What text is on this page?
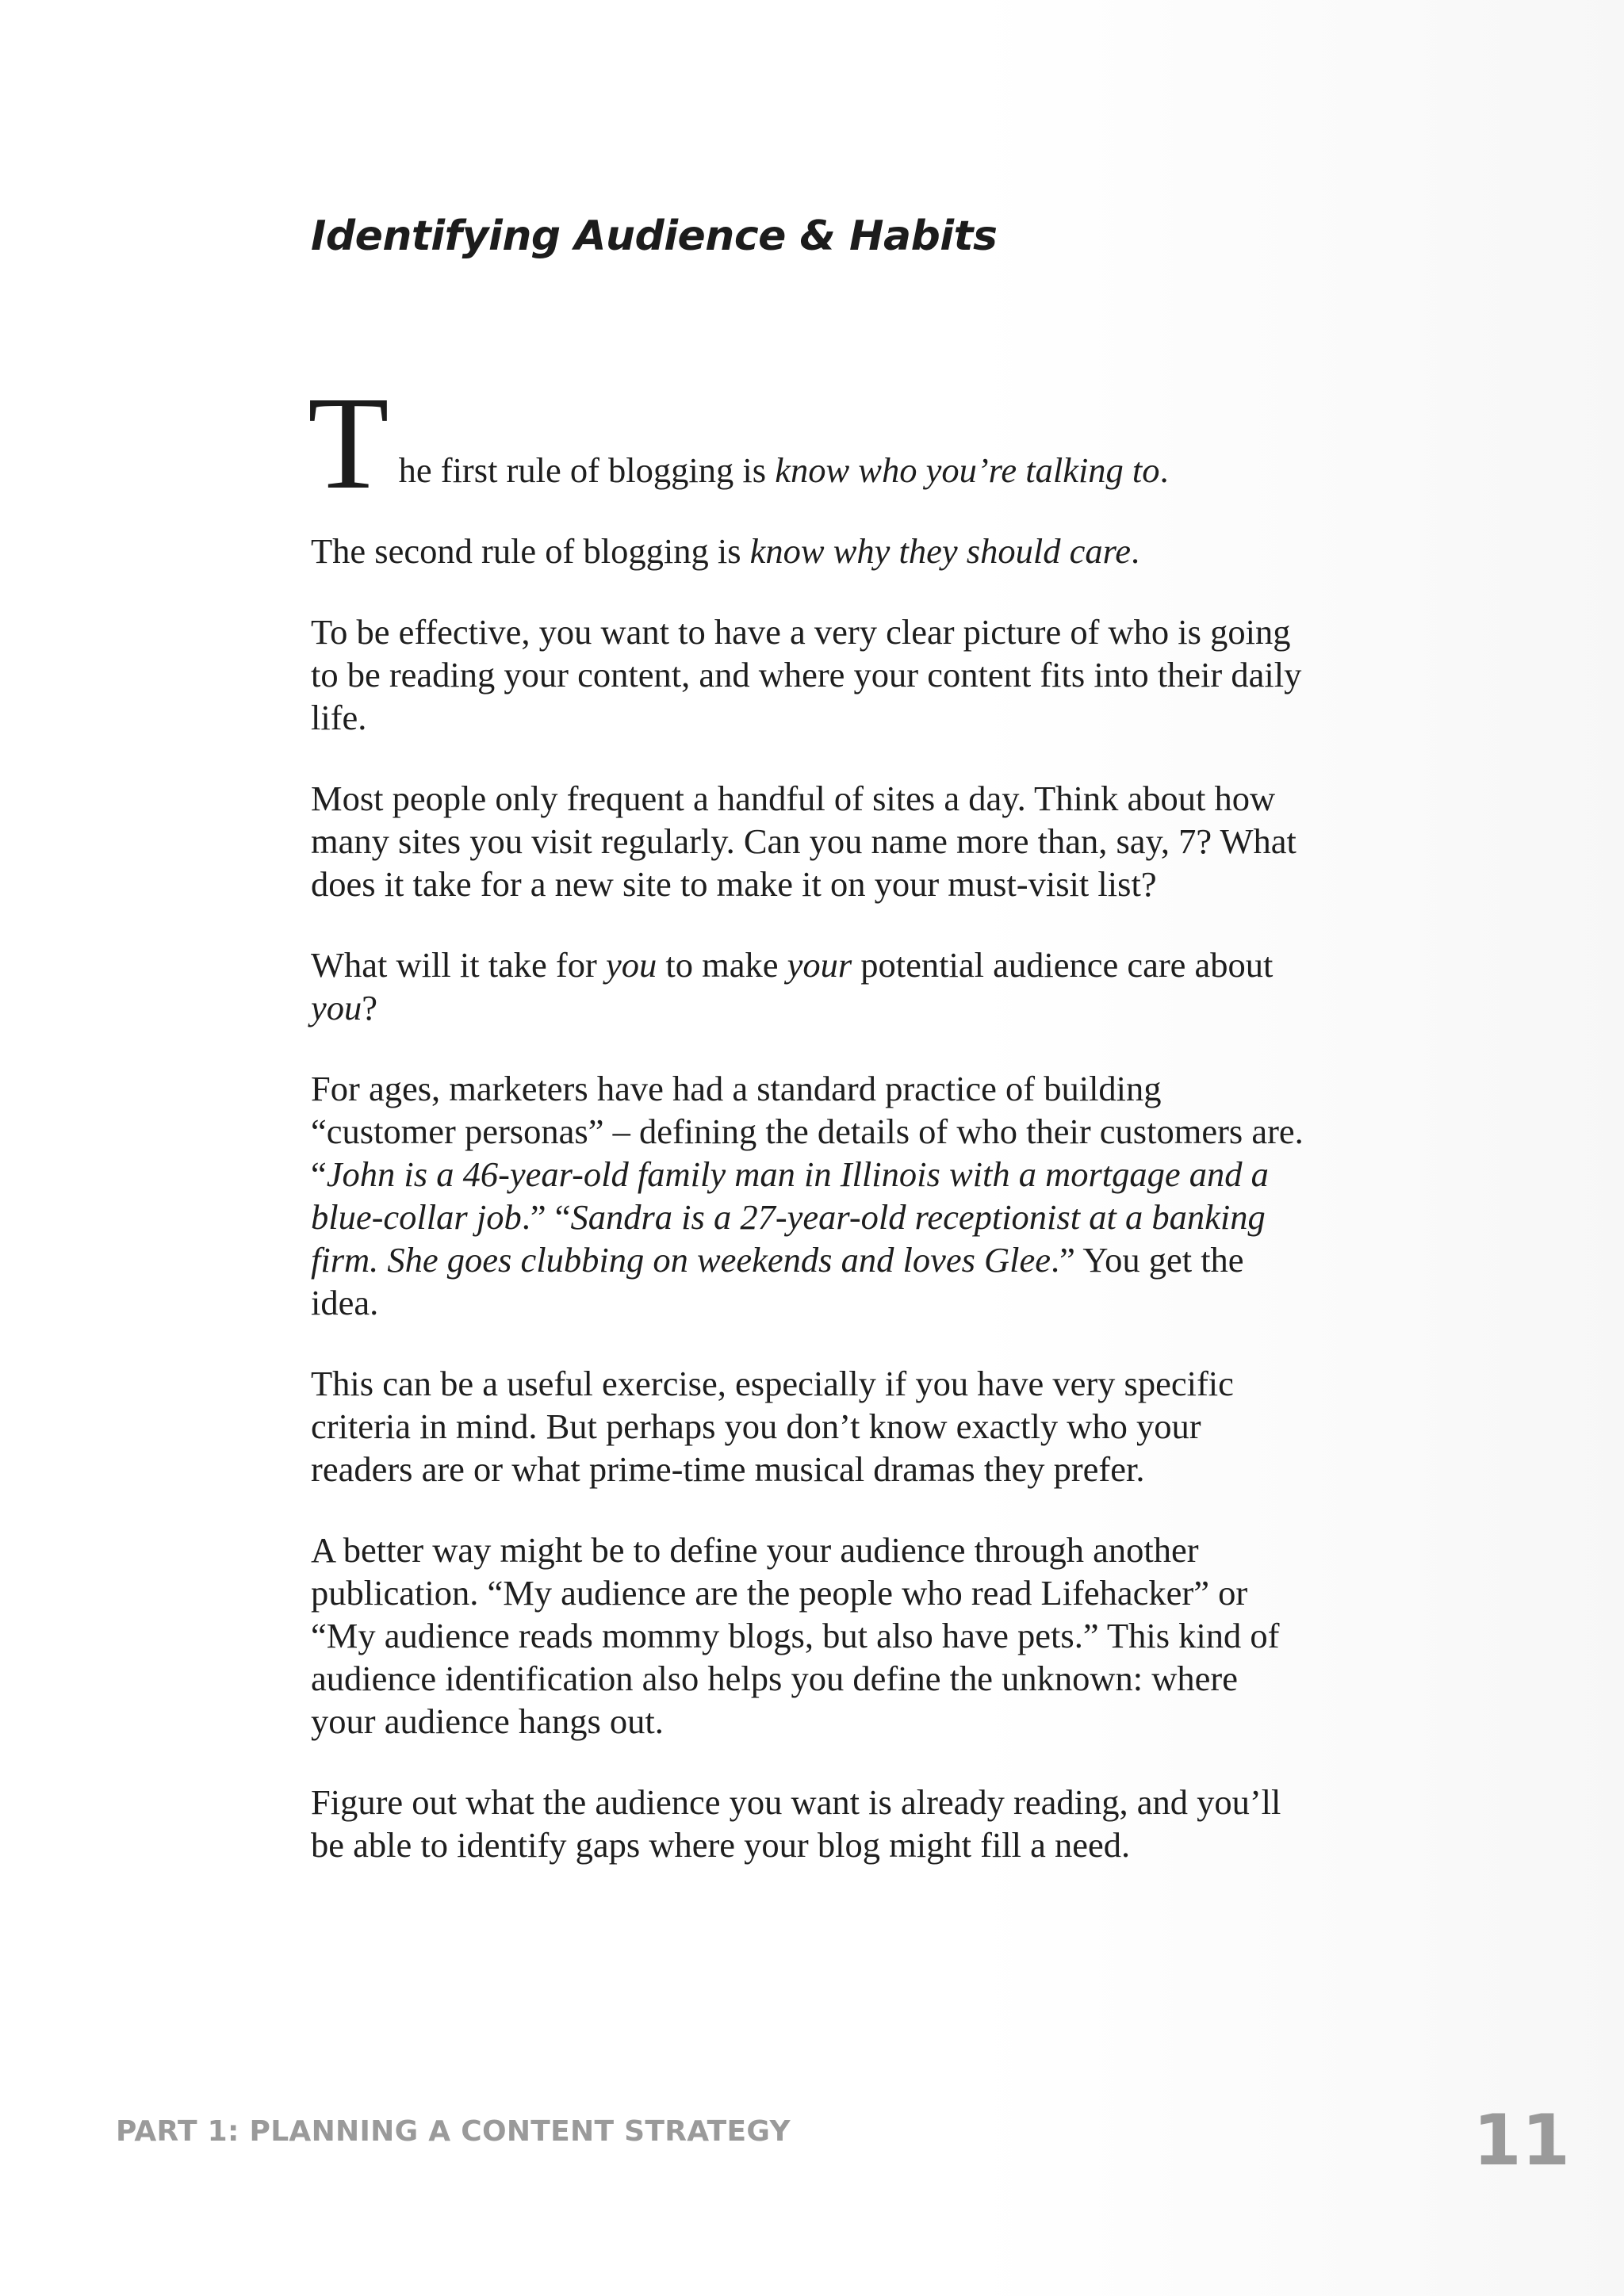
Identifying Audience & Habits

T he first rule of blogging is know who you’re talking to.

The second rule of blogging is know why they should care.

To be effective, you want to have a very clear picture of who is going to be reading your content, and where your content fits into their daily life.

Most people only frequent a handful of sites a day. Think about how many sites you visit regularly. Can you name more than, say, 7? What does it take for a new site to make it on your must-visit list?

What will it take for you to make your potential audience care about you?

For ages, marketers have had a standard practice of building “customer personas” – defining the details of who their customers are. “John is a 46-year-old family man in Illinois with a mortgage and a blue-collar job.” “Sandra is a 27-year-old receptionist at a banking firm. She goes clubbing on weekends and loves Glee.” You get the idea.

This can be a useful exercise, especially if you have very specific criteria in mind. But perhaps you don’t know exactly who your readers are or what prime-time musical dramas they prefer.

A better way might be to define your audience through another publication. “My audience are the people who read Lifehacker” or “My audience reads mommy blogs, but also have pets.” This kind of audience identification also helps you define the unknown: where your audience hangs out.

Figure out what the audience you want is already reading, and you’ll be able to identify gaps where your blog might fill a need.

PART 1: PLANNING A CONTENT STRATEGY	11
